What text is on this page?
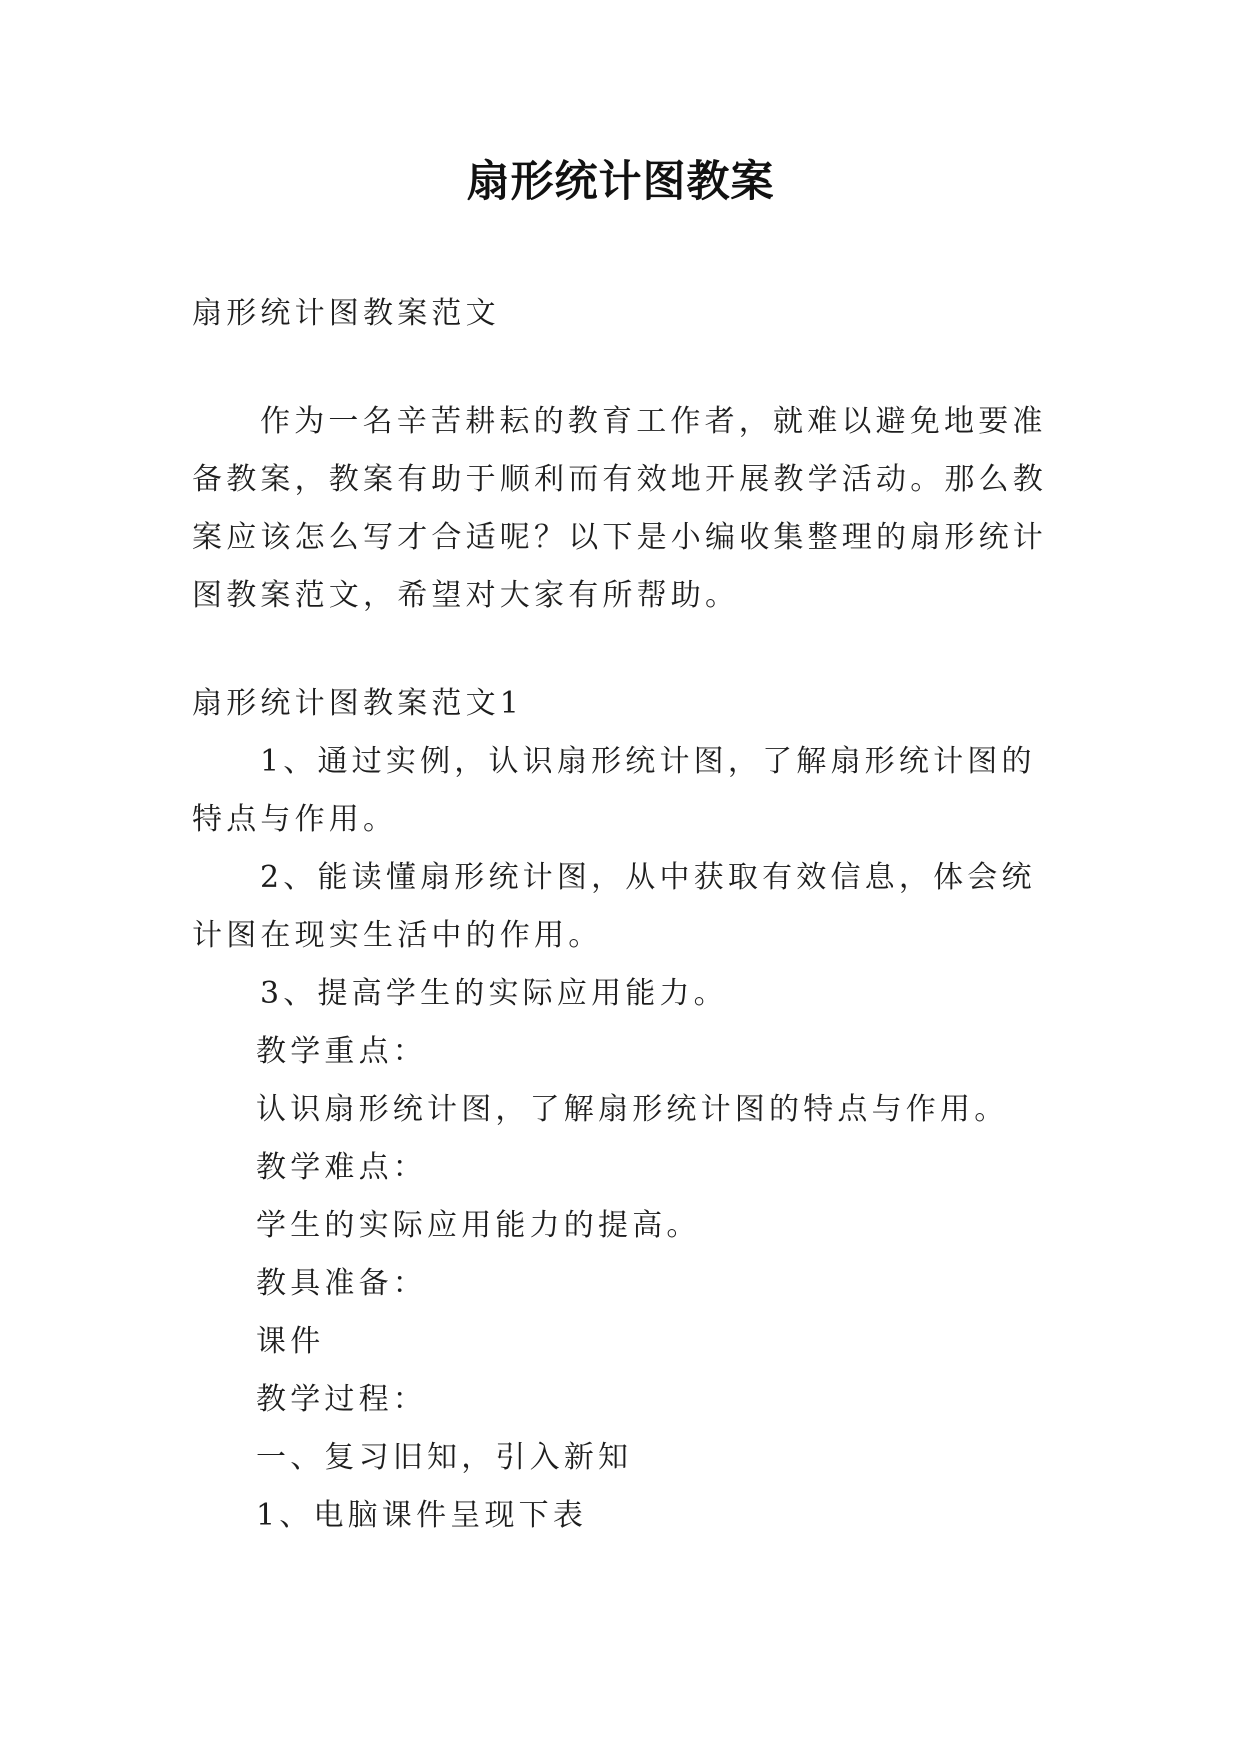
扇形统计图教案

扇形统计图教案范文

作为一名辛苦耕耘的教育工作者，就难以避免地要准备教案，教案有助于顺利而有效地开展教学活动。那么教案应该怎么写才合适呢？以下是小编收集整理的扇形统计图教案范文，希望对大家有所帮助。

扇形统计图教案范文1

1、通过实例，认识扇形统计图，了解扇形统计图的特点与作用。

2、能读懂扇形统计图，从中获取有效信息，体会统计图在现实生活中的作用。

3、提高学生的实际应用能力。

教学重点：

认识扇形统计图，了解扇形统计图的特点与作用。

教学难点：

学生的实际应用能力的提高。

教具准备：

课件

教学过程：

一、复习旧知，引入新知

1、电脑课件呈现下表
